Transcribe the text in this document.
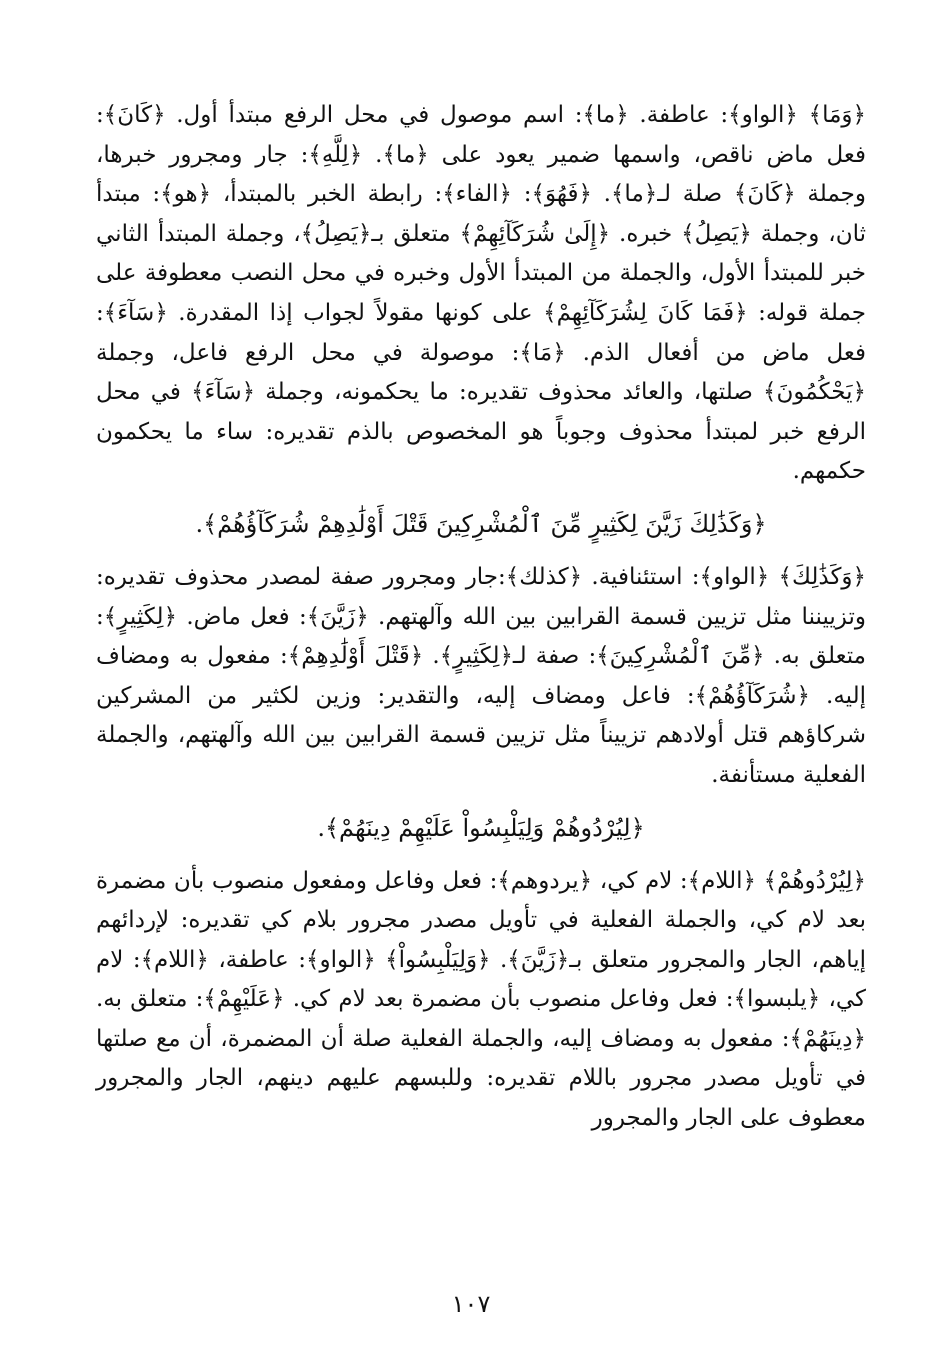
﴿وَمَا﴾ ﴿الواو﴾: عاطفة. ﴿ما﴾: اسم موصول في محل الرفع مبتدأ أول. ﴿كَانَ﴾: فعل ماض ناقص، واسمها ضمير يعود على ﴿ما﴾. ﴿لِلَّهِ﴾: جار ومجرور خبرها، وجملة ﴿كَانَ﴾ صلة لـ﴿ما﴾. ﴿فَهُوَ﴾: ﴿الفاء﴾: رابطة الخبر بالمبتدأ، ﴿هو﴾: مبتدأ ثان، وجملة ﴿يَصِلُ﴾ خبره. ﴿إِلَىٰ شُرَكَآئِهِمْ﴾ متعلق بـ﴿يَصِلُ﴾، وجملة المبتدأ الثاني خبر للمبتدأ الأول، والجملة من المبتدأ الأول وخبره في محل النصب معطوفة على جملة قوله: ﴿فَمَا كَانَ لِشُرَكَآئِهِمْ﴾ على كونها مقولاً لجواب إذا المقدرة. ﴿سَآءَ﴾: فعل ماض من أفعال الذم. ﴿مَا﴾: موصولة في محل الرفع فاعل، وجملة ﴿يَحْكُمُونَ﴾ صلتها، والعائد محذوف تقديره: ما يحكمونه، وجملة ﴿سَآءَ﴾ في محل الرفع خبر لمبتدأ محذوف وجوباً هو المخصوص بالذم تقديره: ساء ما يحكمون حكمهم.

﴿وَكَذَٰلِكَ زَيَّنَ لِكَثِيرٍ مِّنَ ٱلْمُشْرِكِينَ قَتْلَ أَوْلَٰدِهِمْ شُرَكَآؤُهُمْ﴾.

﴿وَكَذَٰلِكَ﴾ ﴿الواو﴾: استئنافية. ﴿كذلك﴾:جار ومجرور صفة لمصدر محذوف تقديره: وتزييننا مثل تزيين قسمة القرابين بين الله وآلهتهم. ﴿زَيَّنَ﴾: فعل ماض. ﴿لِكَثِيرٍ﴾: متعلق به. ﴿مِّنَ ٱلْمُشْرِكِينَ﴾: صفة لـ﴿لِكَثِيرٍ﴾. ﴿قَتْلَ أَوْلَٰدِهِمْ﴾: مفعول به ومضاف إليه. ﴿شُرَكَآؤُهُمْ﴾: فاعل ومضاف إليه، والتقدير: وزين لكثير من المشركين شركاؤهم قتل أولادهم تزييناً مثل تزيين قسمة القرابين بين الله وآلهتهم، والجملة الفعلية مستأنفة.

﴿لِيُرْدُوهُمْ وَلِيَلْبِسُواْ عَلَيْهِمْ دِينَهُمْ﴾.

﴿لِيُرْدُوهُمْ﴾ ﴿اللام﴾: لام كي، ﴿يردوهم﴾: فعل وفاعل ومفعول منصوب بأن مضمرة بعد لام كي، والجملة الفعلية في تأويل مصدر مجرور بلام كي تقديره: لإردائهم إياهم، الجار والمجرور متعلق بـ﴿زَيَّنَ﴾. ﴿وَلِيَلْبِسُواْ﴾ ﴿الواو﴾: عاطفة، ﴿اللام﴾: لام كي، ﴿يلبسوا﴾: فعل وفاعل منصوب بأن مضمرة بعد لام كي. ﴿عَلَيْهِمْ﴾: متعلق به. ﴿دِينَهُمْ﴾: مفعول به ومضاف إليه، والجملة الفعلية صلة أن المضمرة، أن مع صلتها في تأويل مصدر مجرور باللام تقديره: وللبسهم عليهم دينهم، الجار والمجرور معطوف على الجار والمجرور

١٠٧
